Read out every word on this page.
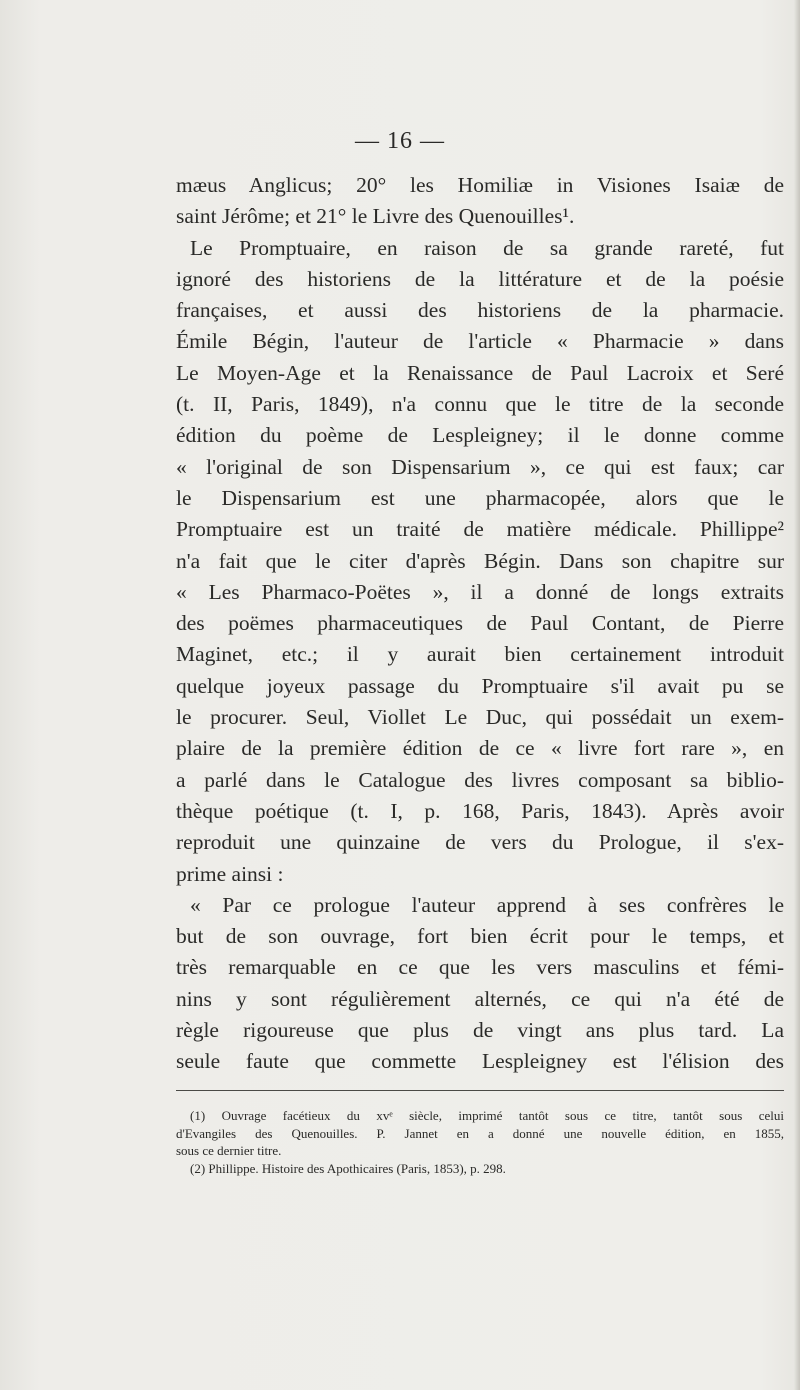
— 16 —
mæus Anglicus; 20° les Homiliæ in Visiones Isaiæ de
saint Jérôme; et 21° le Livre des Quenouilles¹.
Le Promptuaire, en raison de sa grande rareté, fut
ignoré des historiens de la littérature et de la poésie
françaises, et aussi des historiens de la pharmacie.
Émile Bégin, l'auteur de l'article « Pharmacie » dans
Le Moyen-Age et la Renaissance de Paul Lacroix et Seré
(t. II, Paris, 1849), n'a connu que le titre de la seconde
édition du poème de Lespleigney; il le donne comme
« l'original de son Dispensarium », ce qui est faux; car
le Dispensarium est une pharmacopée, alors que le
Promptuaire est un traité de matière médicale. Phillippe²
n'a fait que le citer d'après Bégin. Dans son chapitre sur
« Les Pharmaco-Poëtes », il a donné de longs extraits
des poëmes pharmaceutiques de Paul Contant, de Pierre
Maginet, etc.; il y aurait bien certainement introduit
quelque joyeux passage du Promptuaire s'il avait pu se
le procurer. Seul, Viollet Le Duc, qui possédait un exem-
plaire de la première édition de ce « livre fort rare », en
a parlé dans le Catalogue des livres composant sa biblio-
thèque poétique (t. I, p. 168, Paris, 1843). Après avoir
reproduit une quinzaine de vers du Prologue, il s'ex-
prime ainsi :
« Par ce prologue l'auteur apprend à ses confrères le
but de son ouvrage, fort bien écrit pour le temps, et
très remarquable en ce que les vers masculins et fémi-
nins y sont régulièrement alternés, ce qui n'a été de
règle rigoureuse que plus de vingt ans plus tard. La
seule faute que commette Lespleigney est l'élision des
(1) Ouvrage facétieux du xvᵉ siècle, imprimé tantôt sous ce titre, tantôt sous celui
d'Evangiles des Quenouilles. P. Jannet en a donné une nouvelle édition, en 1855,
sous ce dernier titre.
(2) Phillippe. Histoire des Apothicaires (Paris, 1853), p. 298.
